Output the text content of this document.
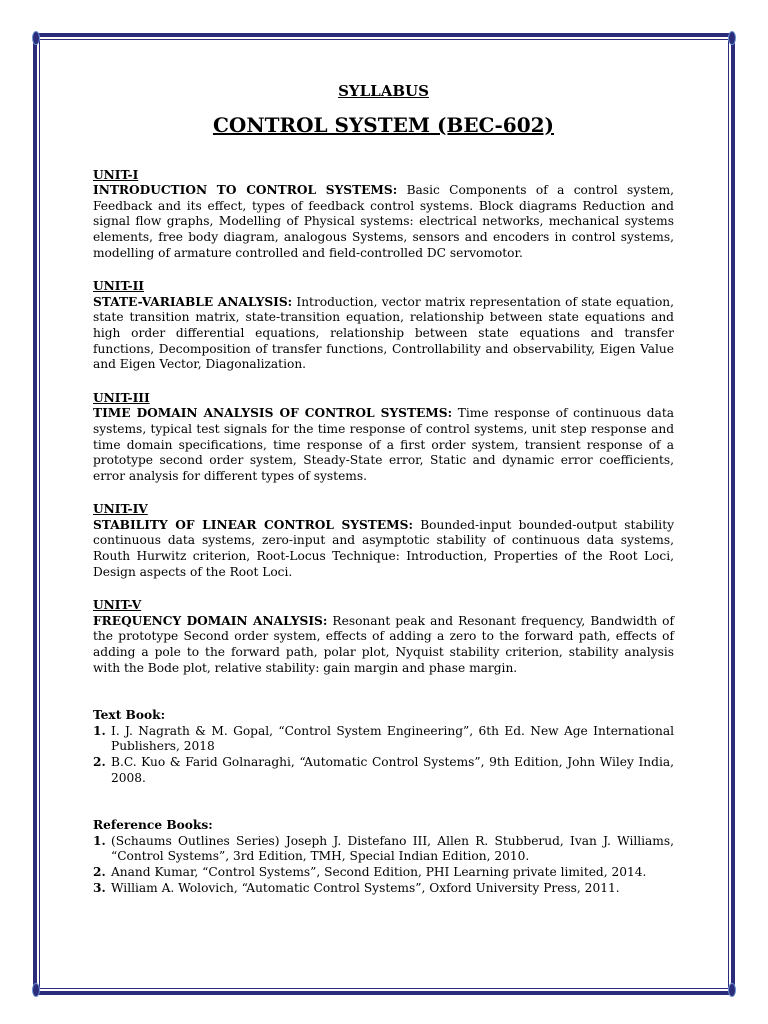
SYLLABUS

CONTROL SYSTEM (BEC-602)

UNIT-I

INTRODUCTION TO CONTROL SYSTEMS: Basic Components of a control system, Feedback and its effect, types of feedback control systems. Block diagrams Reduction and signal flow graphs, Modelling of Physical systems: electrical networks, mechanical systems elements, free body diagram, analogous Systems, sensors and encoders in control systems, modelling of armature controlled and field-controlled DC servomotor.

UNIT-II

STATE-VARIABLE ANALYSIS: Introduction, vector matrix representation of state equation, state transition matrix, state-transition equation, relationship between state equations and high order differential equations, relationship between state equations and transfer functions, Decomposition of transfer functions, Controllability and observability, Eigen Value and Eigen Vector, Diagonalization.

UNIT-III

TIME DOMAIN ANALYSIS OF CONTROL SYSTEMS: Time response of continuous data systems, typical test signals for the time response of control systems, unit step response and time domain specifications, time response of a first order system, transient response of a prototype second order system, Steady-State error, Static and dynamic error coefficients, error analysis for different types of systems.

UNIT-IV

STABILITY OF LINEAR CONTROL SYSTEMS: Bounded-input bounded-output stability continuous data systems, zero-input and asymptotic stability of continuous data systems, Routh Hurwitz criterion, Root-Locus Technique: Introduction, Properties of the Root Loci, Design aspects of the Root Loci.

UNIT-V

FREQUENCY DOMAIN ANALYSIS: Resonant peak and Resonant frequency, Bandwidth of the prototype Second order system, effects of adding a zero to the forward path, effects of adding a pole to the forward path, polar plot, Nyquist stability criterion, stability analysis with the Bode plot, relative stability: gain margin and phase margin.

Text Book:

1. I. J. Nagrath & M. Gopal, “Control System Engineering”, 6th Ed. New Age International Publishers, 2018
2. B.C. Kuo & Farid Golnaraghi, “Automatic Control Systems”, 9th Edition, John Wiley India, 2008.

Reference Books:

1. (Schaums Outlines Series) Joseph J. Distefano III, Allen R. Stubberud, Ivan J. Williams, “Control Systems”, 3rd Edition, TMH, Special Indian Edition, 2010.
2. Anand Kumar, “Control Systems”, Second Edition, PHI Learning private limited, 2014.
3. William A. Wolovich, “Automatic Control Systems”, Oxford University Press, 2011.
